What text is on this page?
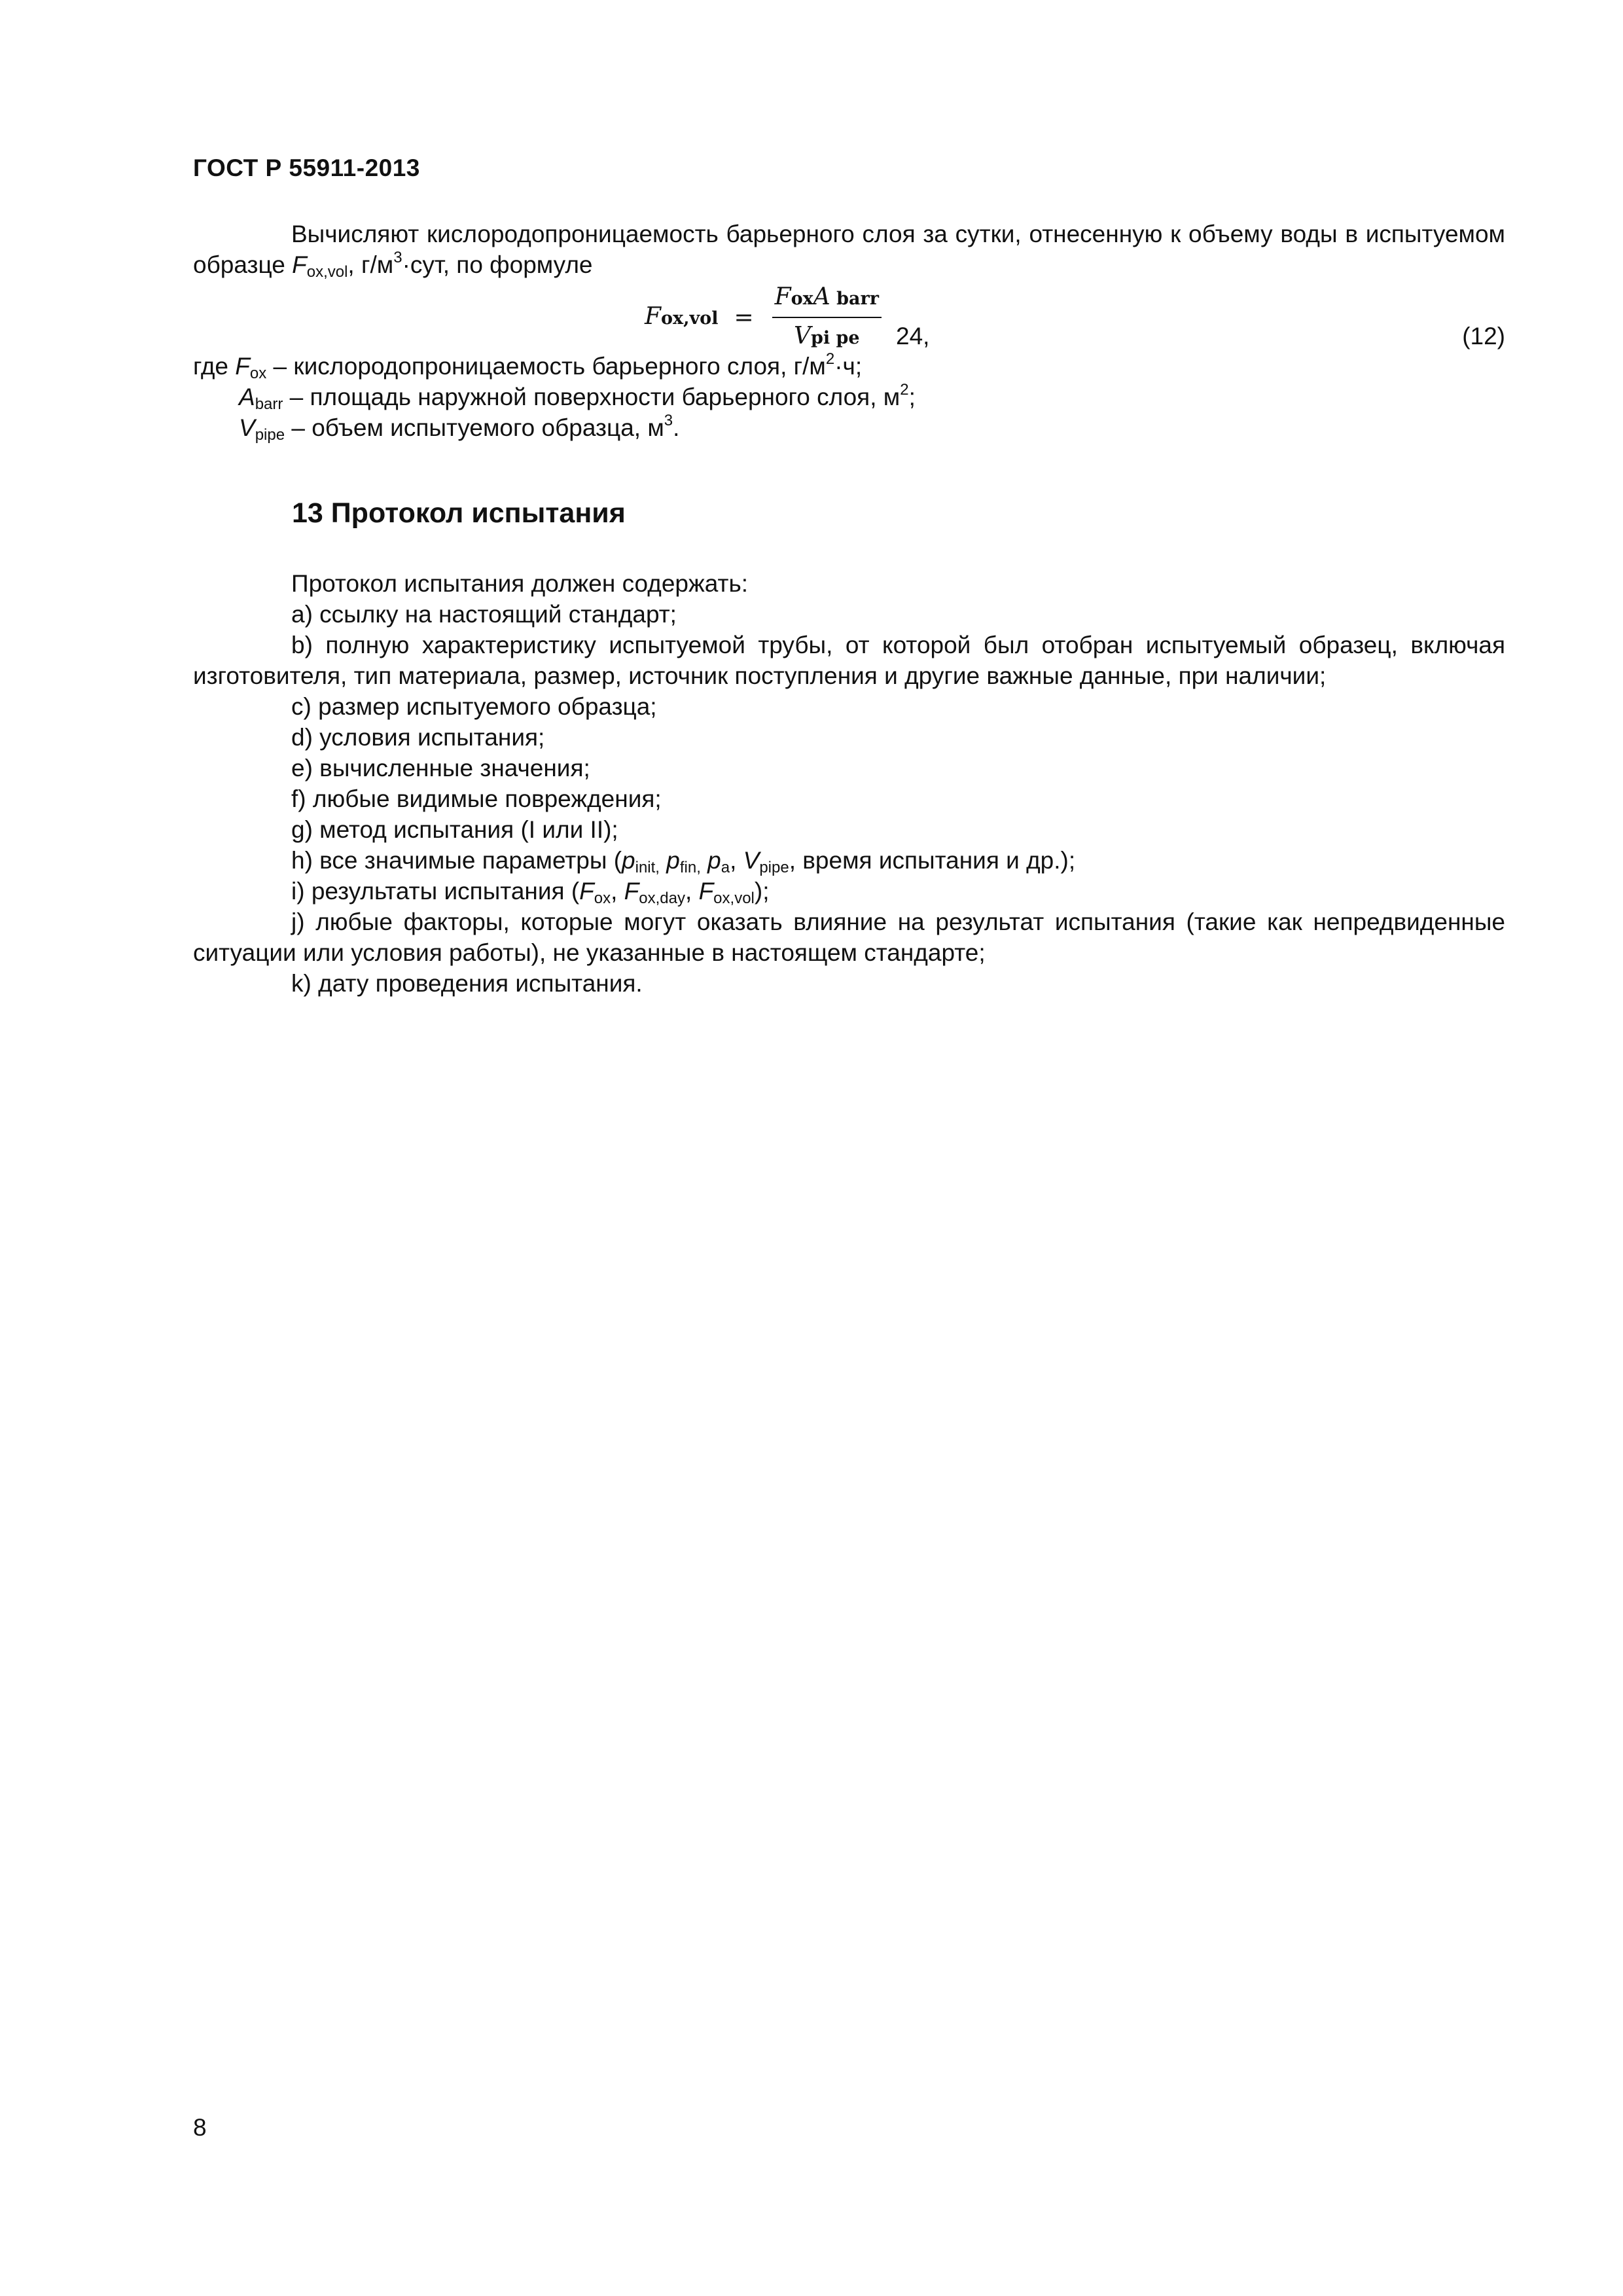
ГОСТ Р 55911-2013

Вычисляют кислородопроницаемость барьерного слоя за сутки, отнесенную к объему воды в испытуемом образце $F_{ox,vol}$, $г/м^3\cdot сут$, по формуле

$Fox,vol = \frac{\text{FoxA barr}}{\text{Vpi pe}} 24$,	(12)

где $F_{ox}$ – кислородопроницаемость барьерного слоя, $г/м^2\cdot ч$;

$A_{barr}$ – площадь наружной поверхности барьерного слоя, $м^2$;

$V_{pipe}$ – объем испытуемого образца, $м^3$.

13 Протокол испытания

Протокол испытания должен содержать:

a) ссылку на настоящий стандарт;

b) полную характеристику испытуемой трубы, от которой был отобран испытуемый образец, включая изготовителя, тип материала, размер, источник поступления и другие важные данные, при наличии;

c) размер испытуемого образца;

d) условия испытания;

e) вычисленные значения;

f) любые видимые повреждения;

g) метод испытания (I или II);

h) все значимые параметры ($p_{init,}$ $p_{fin,}$ $p_a$, $V_{pipe}$, время испытания и др.);

i) результаты испытания ($F_{ox}$, $F_{ox,day}$, $F_{ox,vol}$);

j) любые факторы, которые могут оказать влияние на результат испытания (такие как непредвиденные ситуации или условия работы), не указанные в настоящем стандарте;

k) дату проведения испытания.

8
